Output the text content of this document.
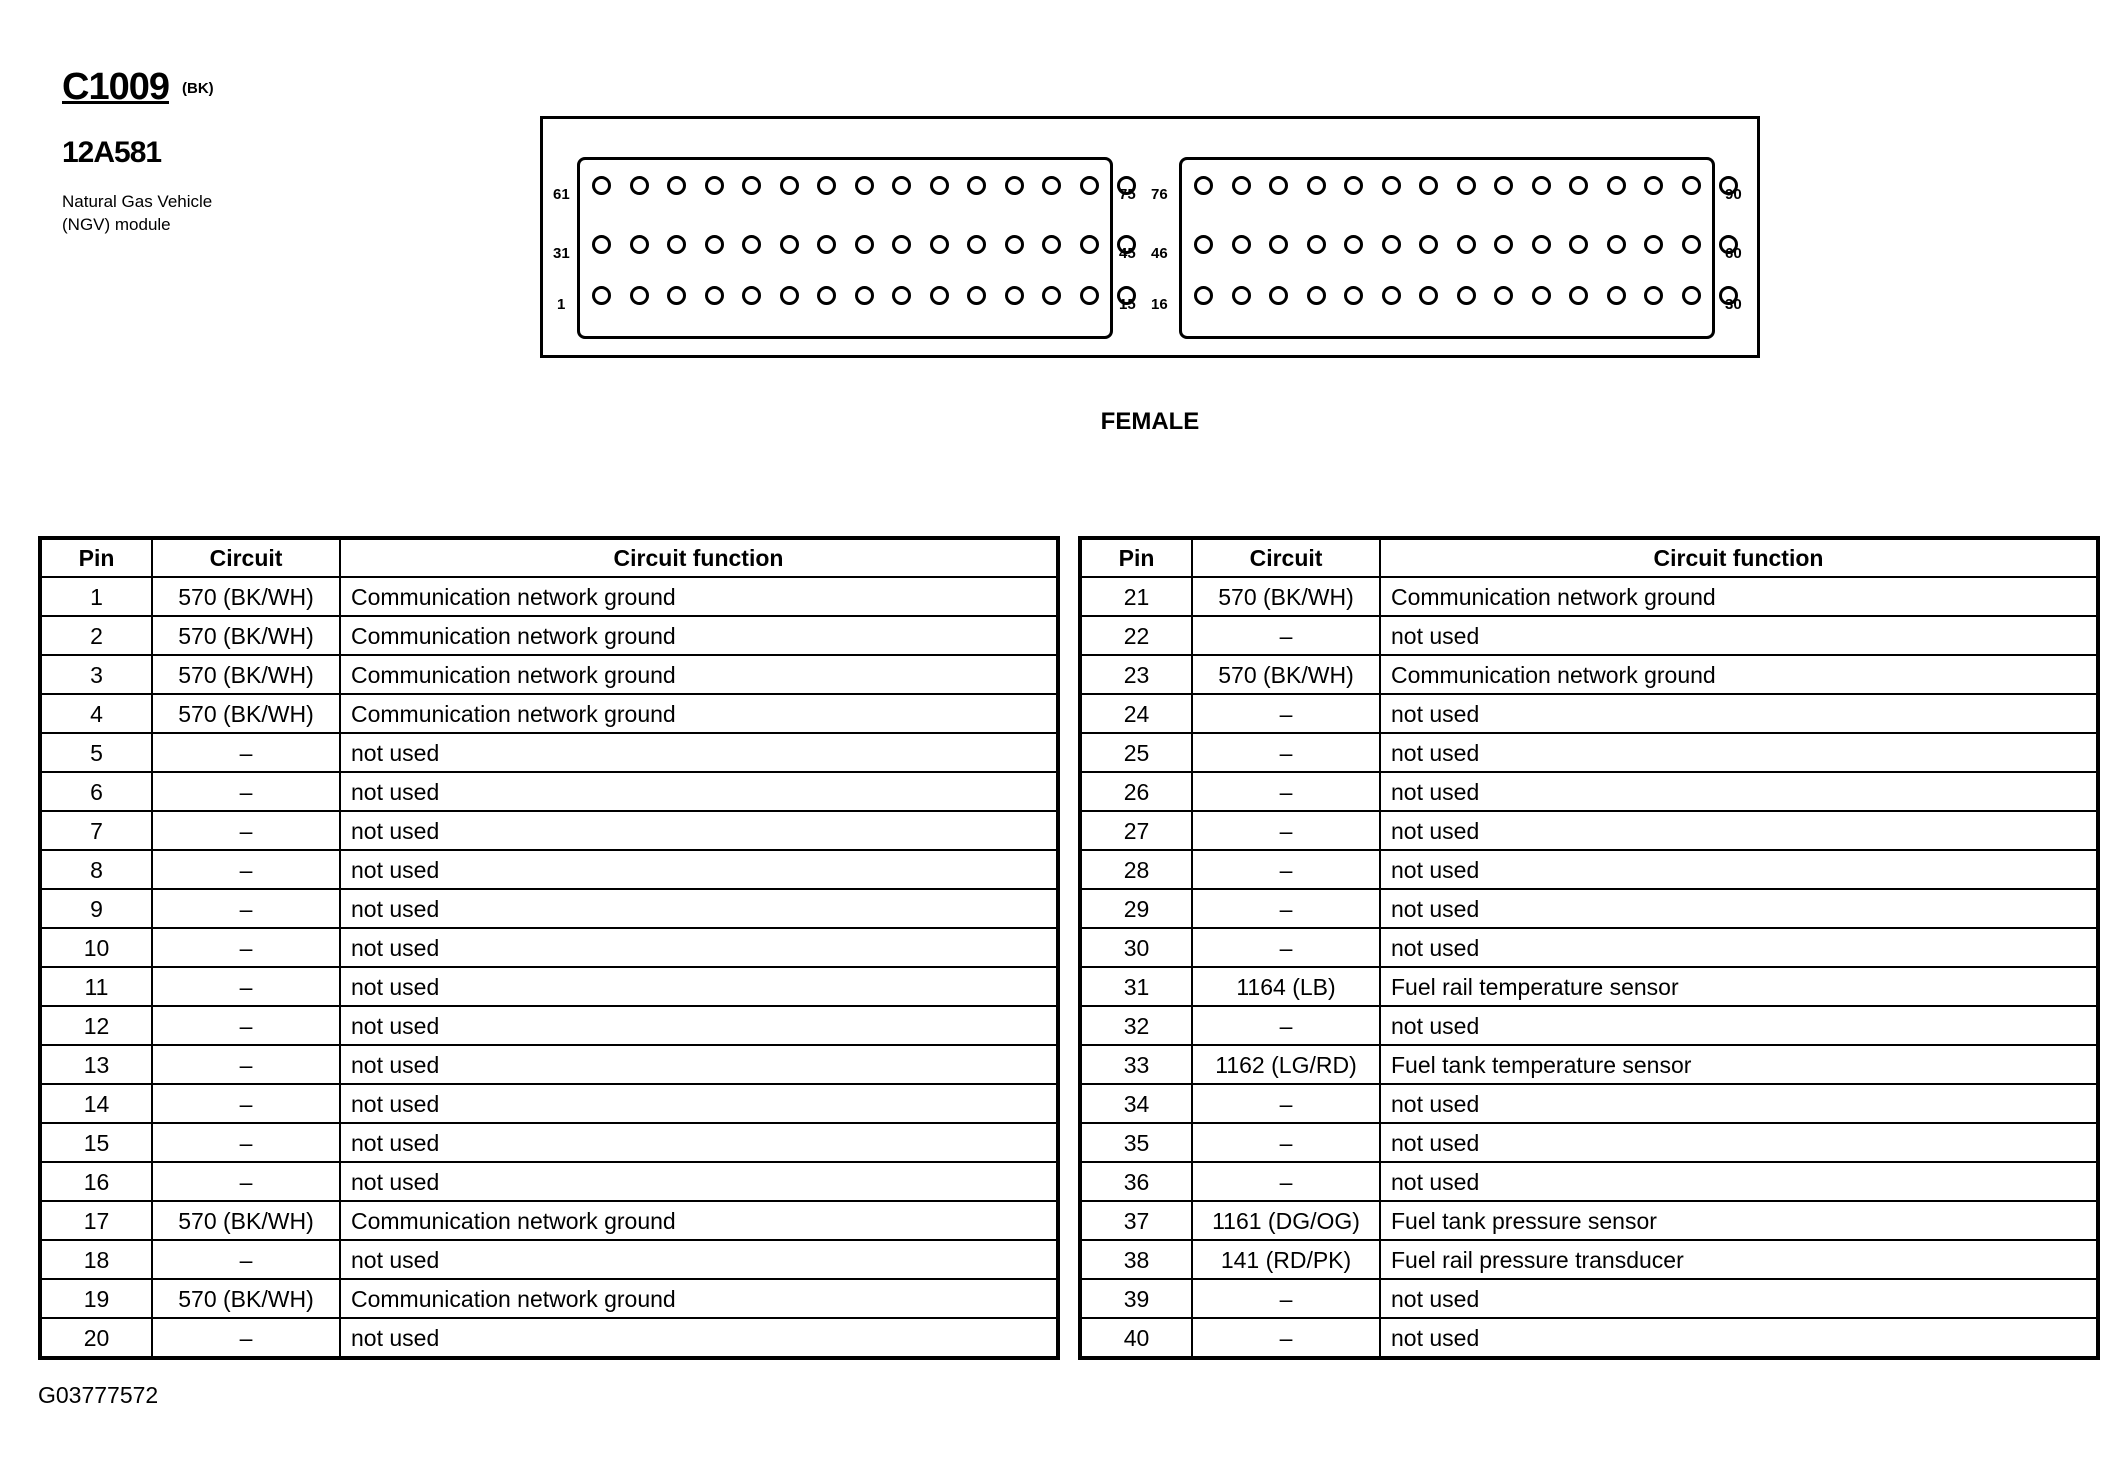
C1009 (BK)
12A581
Natural Gas Vehicle (NGV) module
61
31
1
75
45
15
76
46
16
90
60
30
FEMALE
Pin	Circuit	Circuit function
1	570 (BK/WH)	Communication network ground
2	570 (BK/WH)	Communication network ground
3	570 (BK/WH)	Communication network ground
4	570 (BK/WH)	Communication network ground
5	–	not used
6	–	not used
7	–	not used
8	–	not used
9	–	not used
10	–	not used
11	–	not used
12	–	not used
13	–	not used
14	–	not used
15	–	not used
16	–	not used
17	570 (BK/WH)	Communication network ground
18	–	not used
19	570 (BK/WH)	Communication network ground
20	–	not used
Pin	Circuit	Circuit function
21	570 (BK/WH)	Communication network ground
22	–	not used
23	570 (BK/WH)	Communication network ground
24	–	not used
25	–	not used
26	–	not used
27	–	not used
28	–	not used
29	–	not used
30	–	not used
31	1164 (LB)	Fuel rail temperature sensor
32	–	not used
33	1162 (LG/RD)	Fuel tank temperature sensor
34	–	not used
35	–	not used
36	–	not used
37	1161 (DG/OG)	Fuel tank pressure sensor
38	141 (RD/PK)	Fuel rail pressure transducer
39	–	not used
40	–	not used
G03777572
